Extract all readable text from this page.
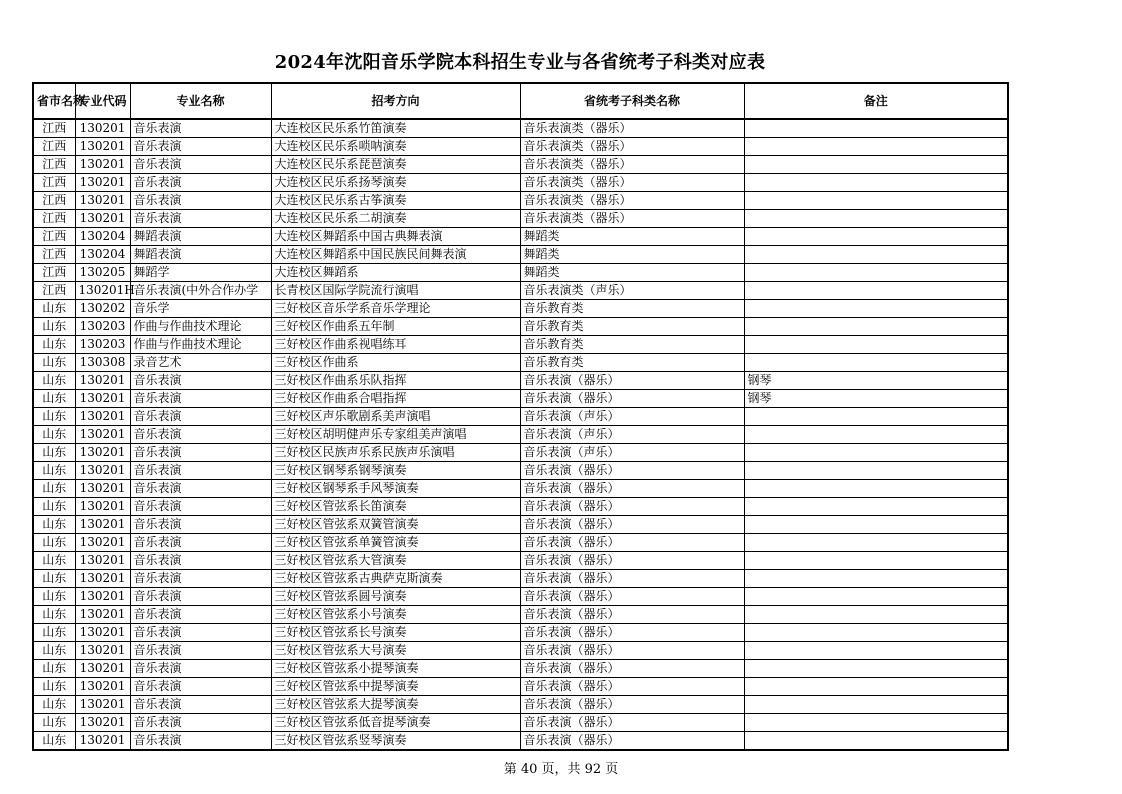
2024年沈阳音乐学院本科招生专业与各省统考子科类对应表
省市名称	专业代码	专业名称	招考方向	省统考子科类名称	备注
江西	130201	音乐表演	大连校区民乐系竹笛演奏	音乐表演类（器乐）	
江西	130201	音乐表演	大连校区民乐系唢呐演奏	音乐表演类（器乐）	
江西	130201	音乐表演	大连校区民乐系琵琶演奏	音乐表演类（器乐）	
江西	130201	音乐表演	大连校区民乐系扬琴演奏	音乐表演类（器乐）	
江西	130201	音乐表演	大连校区民乐系古筝演奏	音乐表演类（器乐）	
江西	130201	音乐表演	大连校区民乐系二胡演奏	音乐表演类（器乐）	
江西	130204	舞蹈表演	大连校区舞蹈系中国古典舞表演	舞蹈类	
江西	130204	舞蹈表演	大连校区舞蹈系中国民族民间舞表演	舞蹈类	
江西	130205	舞蹈学	大连校区舞蹈系	舞蹈类	
江西	130201H	音乐表演(中外合作办学	长青校区国际学院流行演唱	音乐表演类（声乐）	
山东	130202	音乐学	三好校区音乐学系音乐学理论	音乐教育类	
山东	130203	作曲与作曲技术理论	三好校区作曲系五年制	音乐教育类	
山东	130203	作曲与作曲技术理论	三好校区作曲系视唱练耳	音乐教育类	
山东	130308	录音艺术	三好校区作曲系	音乐教育类	
山东	130201	音乐表演	三好校区作曲系乐队指挥	音乐表演（器乐）	钢琴
山东	130201	音乐表演	三好校区作曲系合唱指挥	音乐表演（器乐）	钢琴
山东	130201	音乐表演	三好校区声乐歌剧系美声演唱	音乐表演（声乐）	
山东	130201	音乐表演	三好校区胡明健声乐专家组美声演唱	音乐表演（声乐）	
山东	130201	音乐表演	三好校区民族声乐系民族声乐演唱	音乐表演（声乐）	
山东	130201	音乐表演	三好校区钢琴系钢琴演奏	音乐表演（器乐）	
山东	130201	音乐表演	三好校区钢琴系手风琴演奏	音乐表演（器乐）	
山东	130201	音乐表演	三好校区管弦系长笛演奏	音乐表演（器乐）	
山东	130201	音乐表演	三好校区管弦系双簧管演奏	音乐表演（器乐）	
山东	130201	音乐表演	三好校区管弦系单簧管演奏	音乐表演（器乐）	
山东	130201	音乐表演	三好校区管弦系大管演奏	音乐表演（器乐）	
山东	130201	音乐表演	三好校区管弦系古典萨克斯演奏	音乐表演（器乐）	
山东	130201	音乐表演	三好校区管弦系圆号演奏	音乐表演（器乐）	
山东	130201	音乐表演	三好校区管弦系小号演奏	音乐表演（器乐）	
山东	130201	音乐表演	三好校区管弦系长号演奏	音乐表演（器乐）	
山东	130201	音乐表演	三好校区管弦系大号演奏	音乐表演（器乐）	
山东	130201	音乐表演	三好校区管弦系小提琴演奏	音乐表演（器乐）	
山东	130201	音乐表演	三好校区管弦系中提琴演奏	音乐表演（器乐）	
山东	130201	音乐表演	三好校区管弦系大提琴演奏	音乐表演（器乐）	
山东	130201	音乐表演	三好校区管弦系低音提琴演奏	音乐表演（器乐）	
山东	130201	音乐表演	三好校区管弦系竖琴演奏	音乐表演（器乐）	
第 40 页，共 92 页
